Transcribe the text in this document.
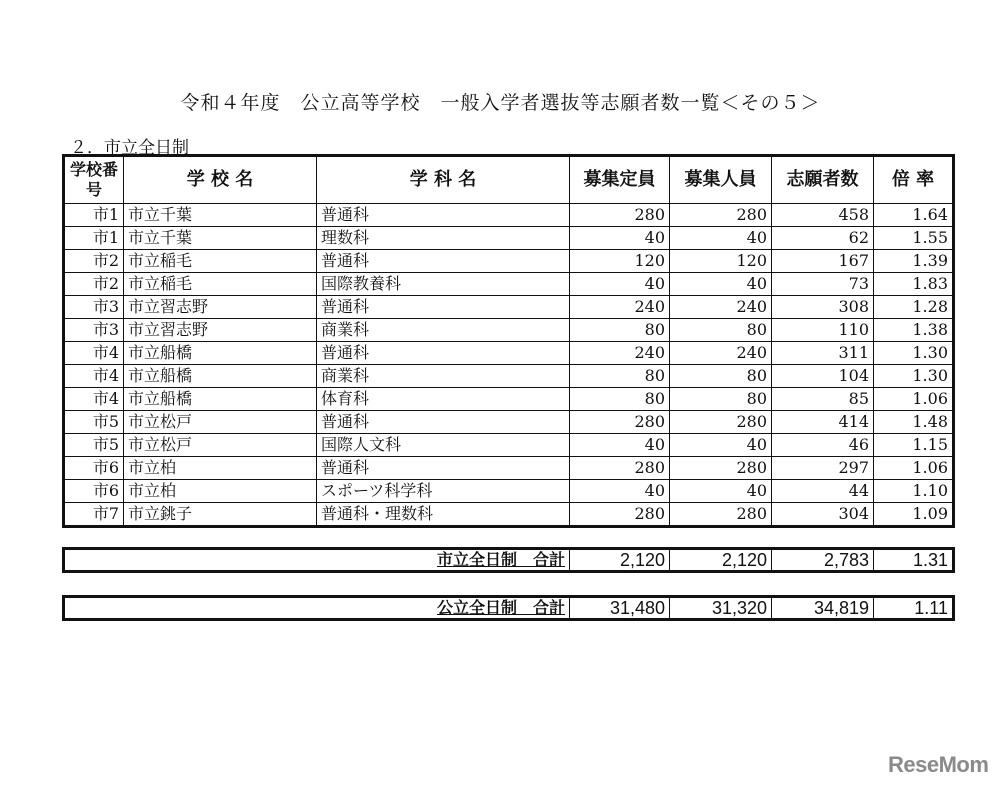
令和４年度　公立高等学校　一般入学者選抜等志願者数一覧＜その５＞
２．市立全日制
学校番号	学 校 名	学 科 名	募集定員	募集人員	志願者数	倍 率
市1	市立千葉	普通科	280	280	458	1.64
市1	市立千葉	理数科	40	40	62	1.55
市2	市立稲毛	普通科	120	120	167	1.39
市2	市立稲毛	国際教養科	40	40	73	1.83
市3	市立習志野	普通科	240	240	308	1.28
市3	市立習志野	商業科	80	80	110	1.38
市4	市立船橋	普通科	240	240	311	1.30
市4	市立船橋	商業科	80	80	104	1.30
市4	市立船橋	体育科	80	80	85	1.06
市5	市立松戸	普通科	280	280	414	1.48
市5	市立松戸	国際人文科	40	40	46	1.15
市6	市立柏	普通科	280	280	297	1.06
市6	市立柏	スポーツ科学科	40	40	44	1.10
市7	市立銚子	普通科・理数科	280	280	304	1.09
市立全日制　合計	2,120	2,120	2,783	1.31
公立全日制　合計	31,480	31,320	34,819	1.11
ReseMom
